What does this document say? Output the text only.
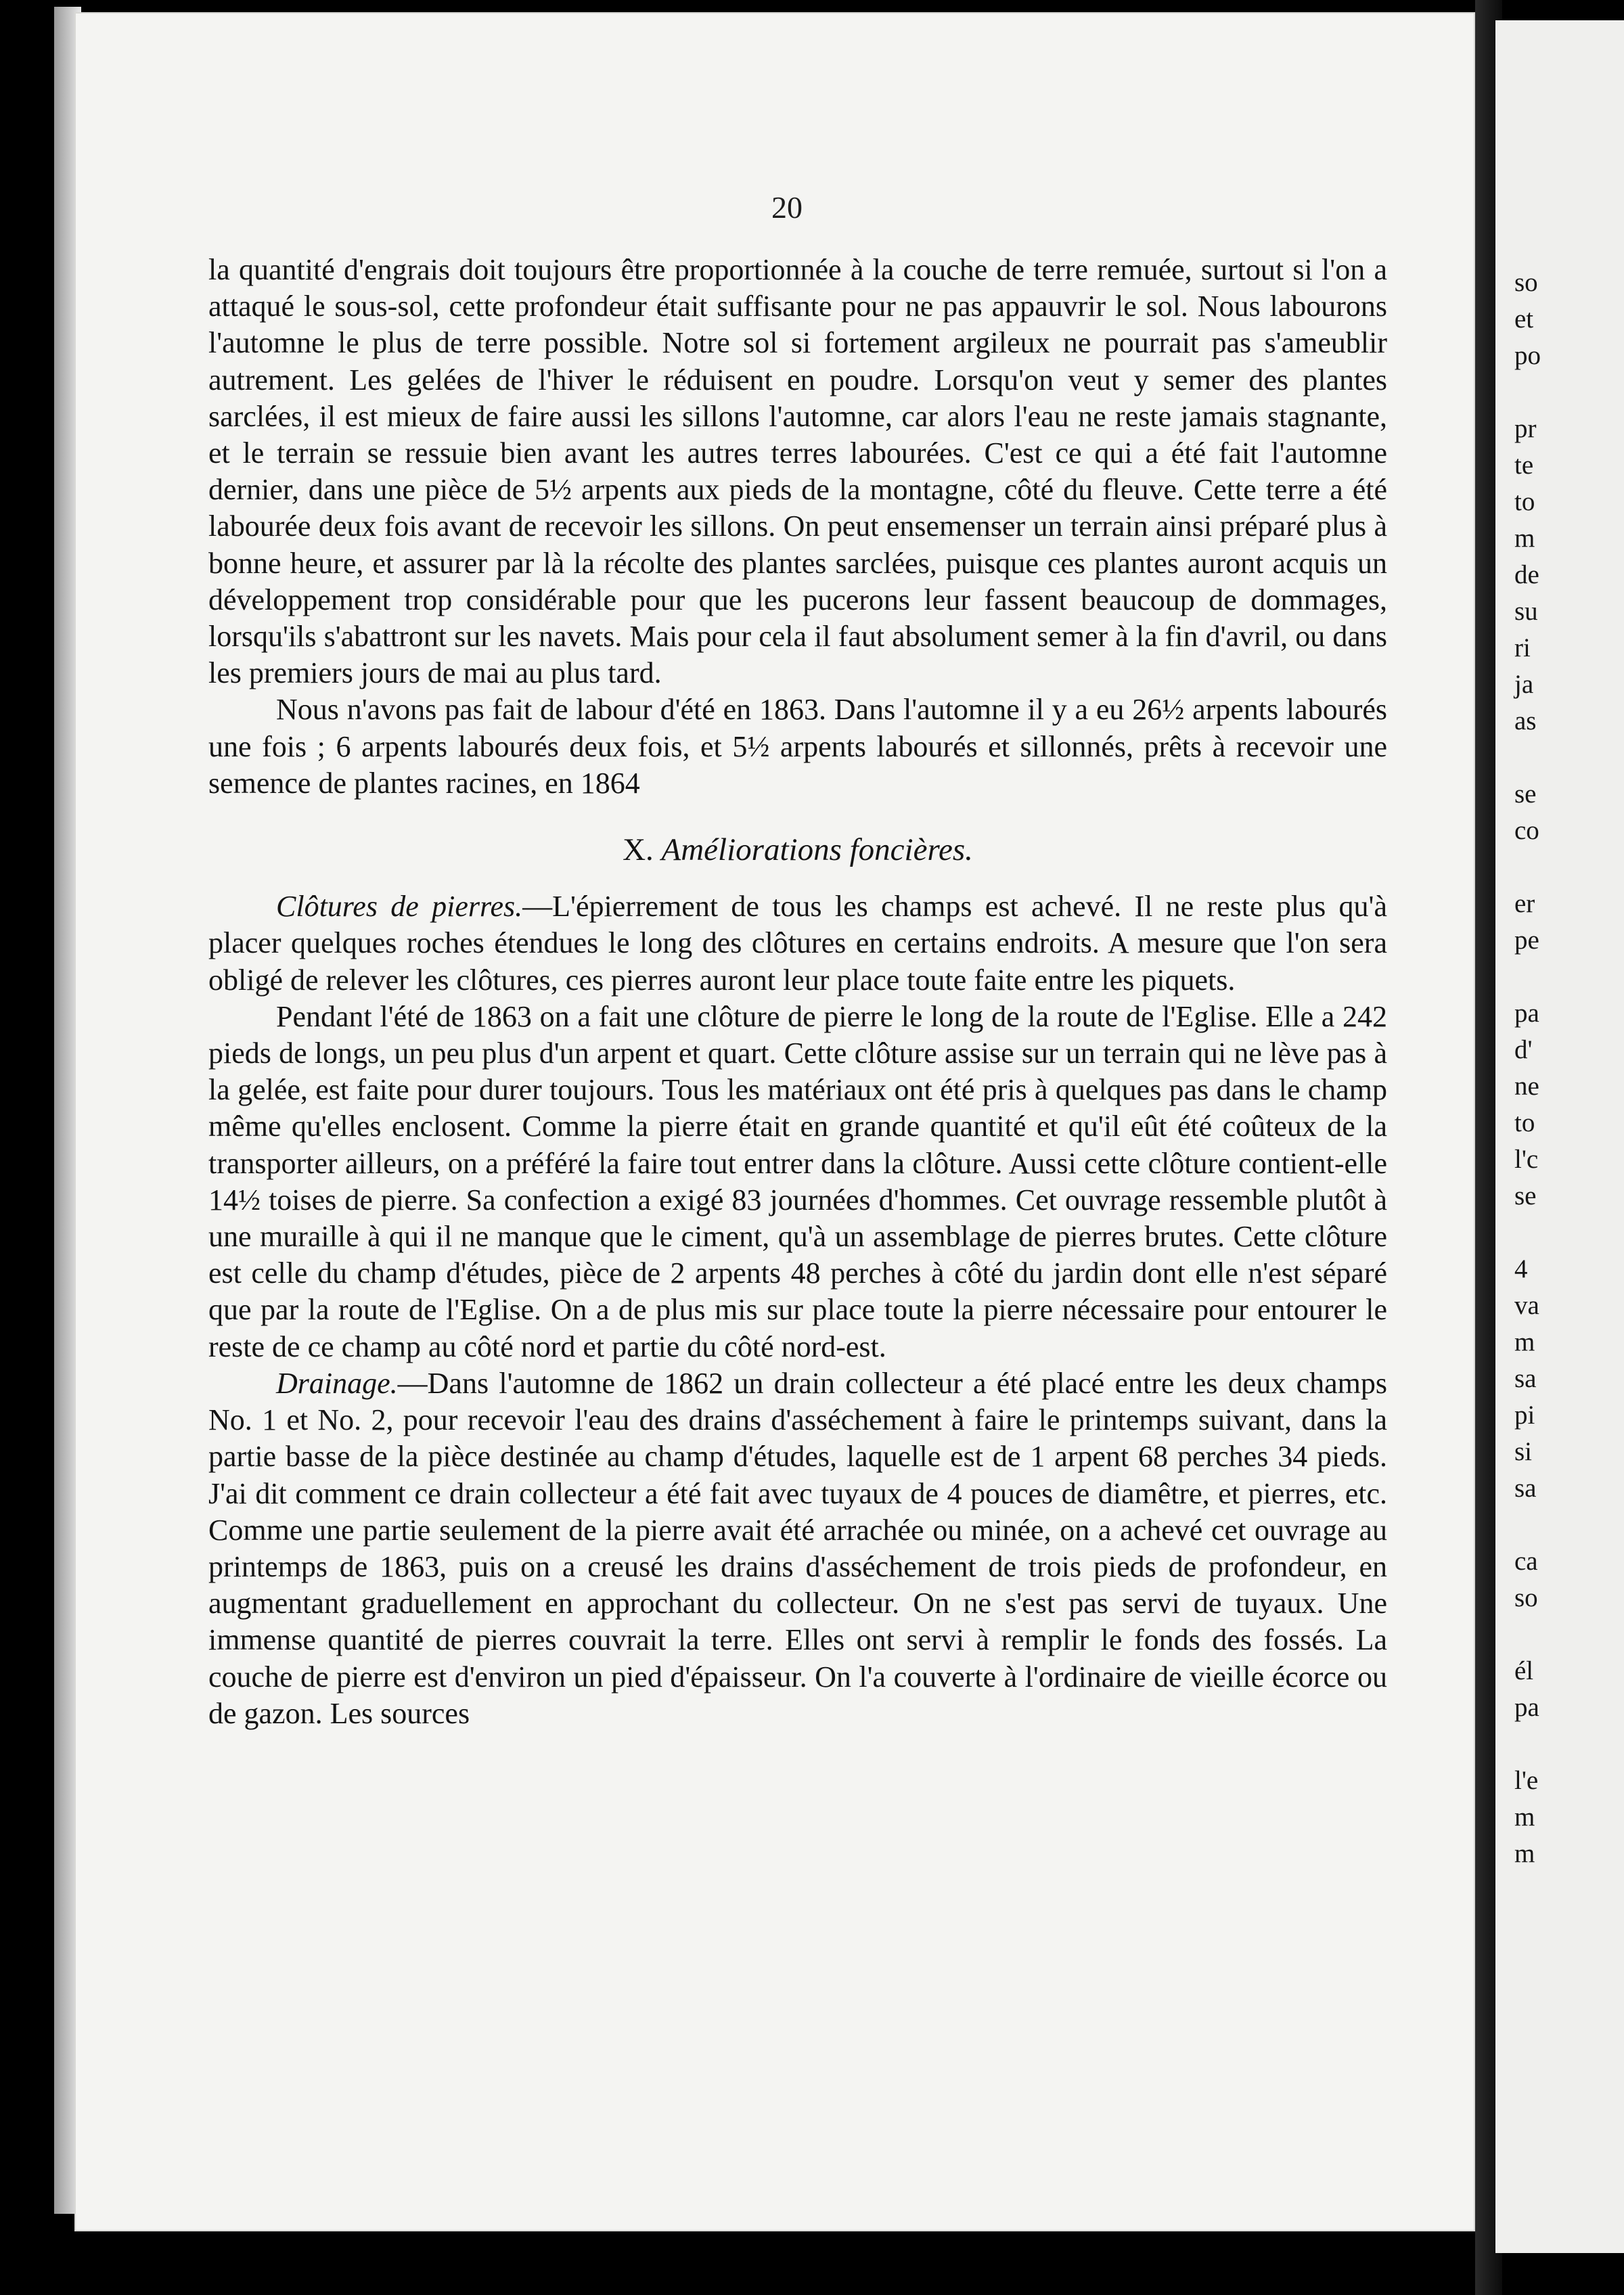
20

la quantité d'engrais doit toujours être proportionnée à la couche de terre remuée, surtout si l'on a attaqué le sous-sol, cette profondeur était suffisante pour ne pas appauvrir le sol. Nous labourons l'automne le plus de terre possible. Notre sol si fortement argileux ne pourrait pas s'ameublir autrement. Les gelées de l'hiver le réduisent en poudre. Lorsqu'on veut y semer des plantes sarclées, il est mieux de faire aussi les sillons l'automne, car alors l'eau ne reste jamais stagnante, et le terrain se ressuie bien avant les autres terres labourées. C'est ce qui a été fait l'automne dernier, dans une pièce de 5½ arpents aux pieds de la montagne, côté du fleuve. Cette terre a été labourée deux fois avant de recevoir les sillons. On peut ensemenser un terrain ainsi préparé plus à bonne heure, et assurer par là la récolte des plantes sarclées, puisque ces plantes auront acquis un développement trop considérable pour que les pucerons leur fassent beaucoup de dommages, lorsqu'ils s'abattront sur les navets. Mais pour cela il faut absolument semer à la fin d'avril, ou dans les premiers jours de mai au plus tard.

Nous n'avons pas fait de labour d'été en 1863. Dans l'automne il y a eu 26½ arpents labourés une fois ; 6 arpents labourés deux fois, et 5½ arpents labourés et sillonnés, prêts à recevoir une semence de plantes racines, en 1864

X. Améliorations foncières.

Clôtures de pierres.—L'épierrement de tous les champs est achevé. Il ne reste plus qu'à placer quelques roches étendues le long des clôtures en certains endroits. A mesure que l'on sera obligé de relever les clôtures, ces pierres auront leur place toute faite entre les piquets.

Pendant l'été de 1863 on a fait une clôture de pierre le long de la route de l'Eglise. Elle a 242 pieds de longs, un peu plus d'un arpent et quart. Cette clôture assise sur un terrain qui ne lève pas à la gelée, est faite pour durer toujours. Tous les matériaux ont été pris à quelques pas dans le champ même qu'elles enclosent. Comme la pierre était en grande quantité et qu'il eût été coûteux de la transporter ailleurs, on a préféré la faire tout entrer dans la clôture. Aussi cette clôture contient-elle 14½ toises de pierre. Sa confection a exigé 83 journées d'hommes. Cet ouvrage ressemble plutôt à une muraille à qui il ne manque que le ciment, qu'à un assemblage de pierres brutes. Cette clôture est celle du champ d'études, pièce de 2 arpents 48 perches à côté du jardin dont elle n'est séparé que par la route de l'Eglise. On a de plus mis sur place toute la pierre nécessaire pour entourer le reste de ce champ au côté nord et partie du côté nord-est.

Drainage.—Dans l'automne de 1862 un drain collecteur a été placé entre les deux champs No. 1 et No. 2, pour recevoir l'eau des drains d'asséchement à faire le printemps suivant, dans la partie basse de la pièce destinée au champ d'études, laquelle est de 1 arpent 68 perches 34 pieds. J'ai dit comment ce drain collecteur a été fait avec tuyaux de 4 pouces de diamêtre, et pierres, etc. Comme une partie seulement de la pierre avait été arrachée ou minée, on a achevé cet ouvrage au printemps de 1863, puis on a creusé les drains d'asséchement de trois pieds de profondeur, en augmentant graduellement en approchant du collecteur. On ne s'est pas servi de tuyaux. Une immense quantité de pierres couvrait la terre. Elles ont servi à remplir le fonds des fossés. La couche de pierre est d'environ un pied d'épaisseur. On l'a couverte à l'ordinaire de vieille écorce ou de gazon. Les sources

so

et

po

pr

te

to

m

de

su

ri

ja

as

se

co

er

pe

pa

d'

ne

to

l'c

se

4

va

m

sa

pi

si

sa

ca

so

él

pa

l'e

m

m
